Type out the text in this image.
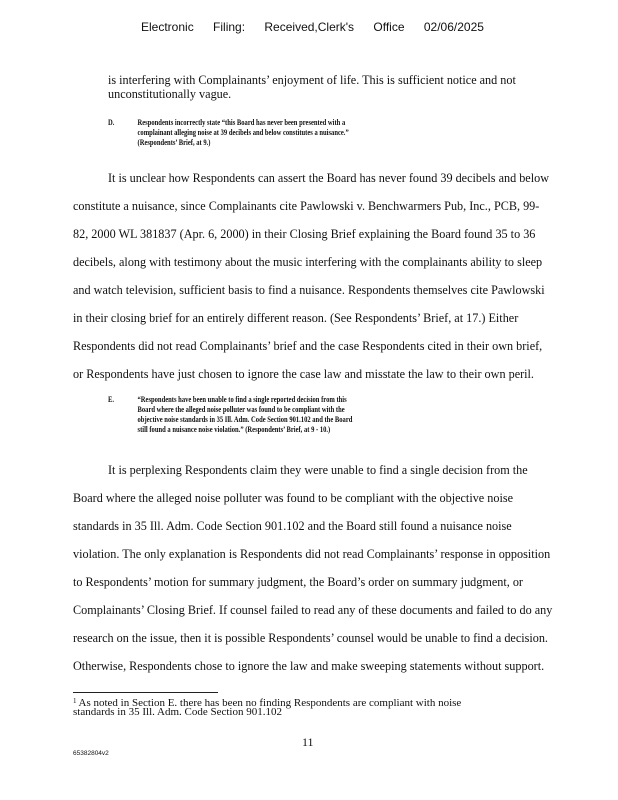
Electronic Filing: Received,Clerk's Office 02/06/2025
is interfering with Complainants’ enjoyment of life. This is sufficient notice and not
unconstitutionally vague.
D.	Respondents incorrectly state “this Board has never been presented with a
complainant alleging noise at 39 decibels and below constitutes a nuisance.”
(Respondents’ Brief, at 9.)
It is unclear how Respondents can assert the Board has never found 39 decibels and below
constitute a nuisance, since Complainants cite Pawlowski v. Benchwarmers Pub, Inc., PCB, 99-
82, 2000 WL 381837 (Apr. 6, 2000) in their Closing Brief explaining the Board found 35 to 36
decibels, along with testimony about the music interfering with the complainants ability to sleep
and watch television, sufficient basis to find a nuisance. Respondents themselves cite Pawlowski
in their closing brief for an entirely different reason. (See Respondents’ Brief, at 17.) Either
Respondents did not read Complainants’ brief and the case Respondents cited in their own brief,
or Respondents have just chosen to ignore the case law and misstate the law to their own peril.
E.	“Respondents have been unable to find a single reported decision from this
Board where the alleged noise polluter was found to be compliant with the
objective noise standards in 35 Ill. Adm. Code Section 901.102 and the Board
still found a nuisance noise violation.” (Respondents’ Brief, at 9 - 10.)
It is perplexing Respondents claim they were unable to find a single decision from the
Board where the alleged noise polluter was found to be compliant with the objective noise
standards in 35 Ill. Adm. Code Section 901.102 and the Board still found a nuisance noise
violation. The only explanation is Respondents did not read Complainants’ response in opposition
to Respondents’ motion for summary judgment, the Board’s order on summary judgment, or
Complainants’ Closing Brief. If counsel failed to read any of these documents and failed to do any
research on the issue, then it is possible Respondents’ counsel would be unable to find a decision.
Otherwise, Respondents chose to ignore the law and make sweeping statements without support.
$^1$ As noted in Section E. there has been no finding Respondents are compliant with noise
standards in 35 Ill. Adm. Code Section 901.102
11
65382804v2
